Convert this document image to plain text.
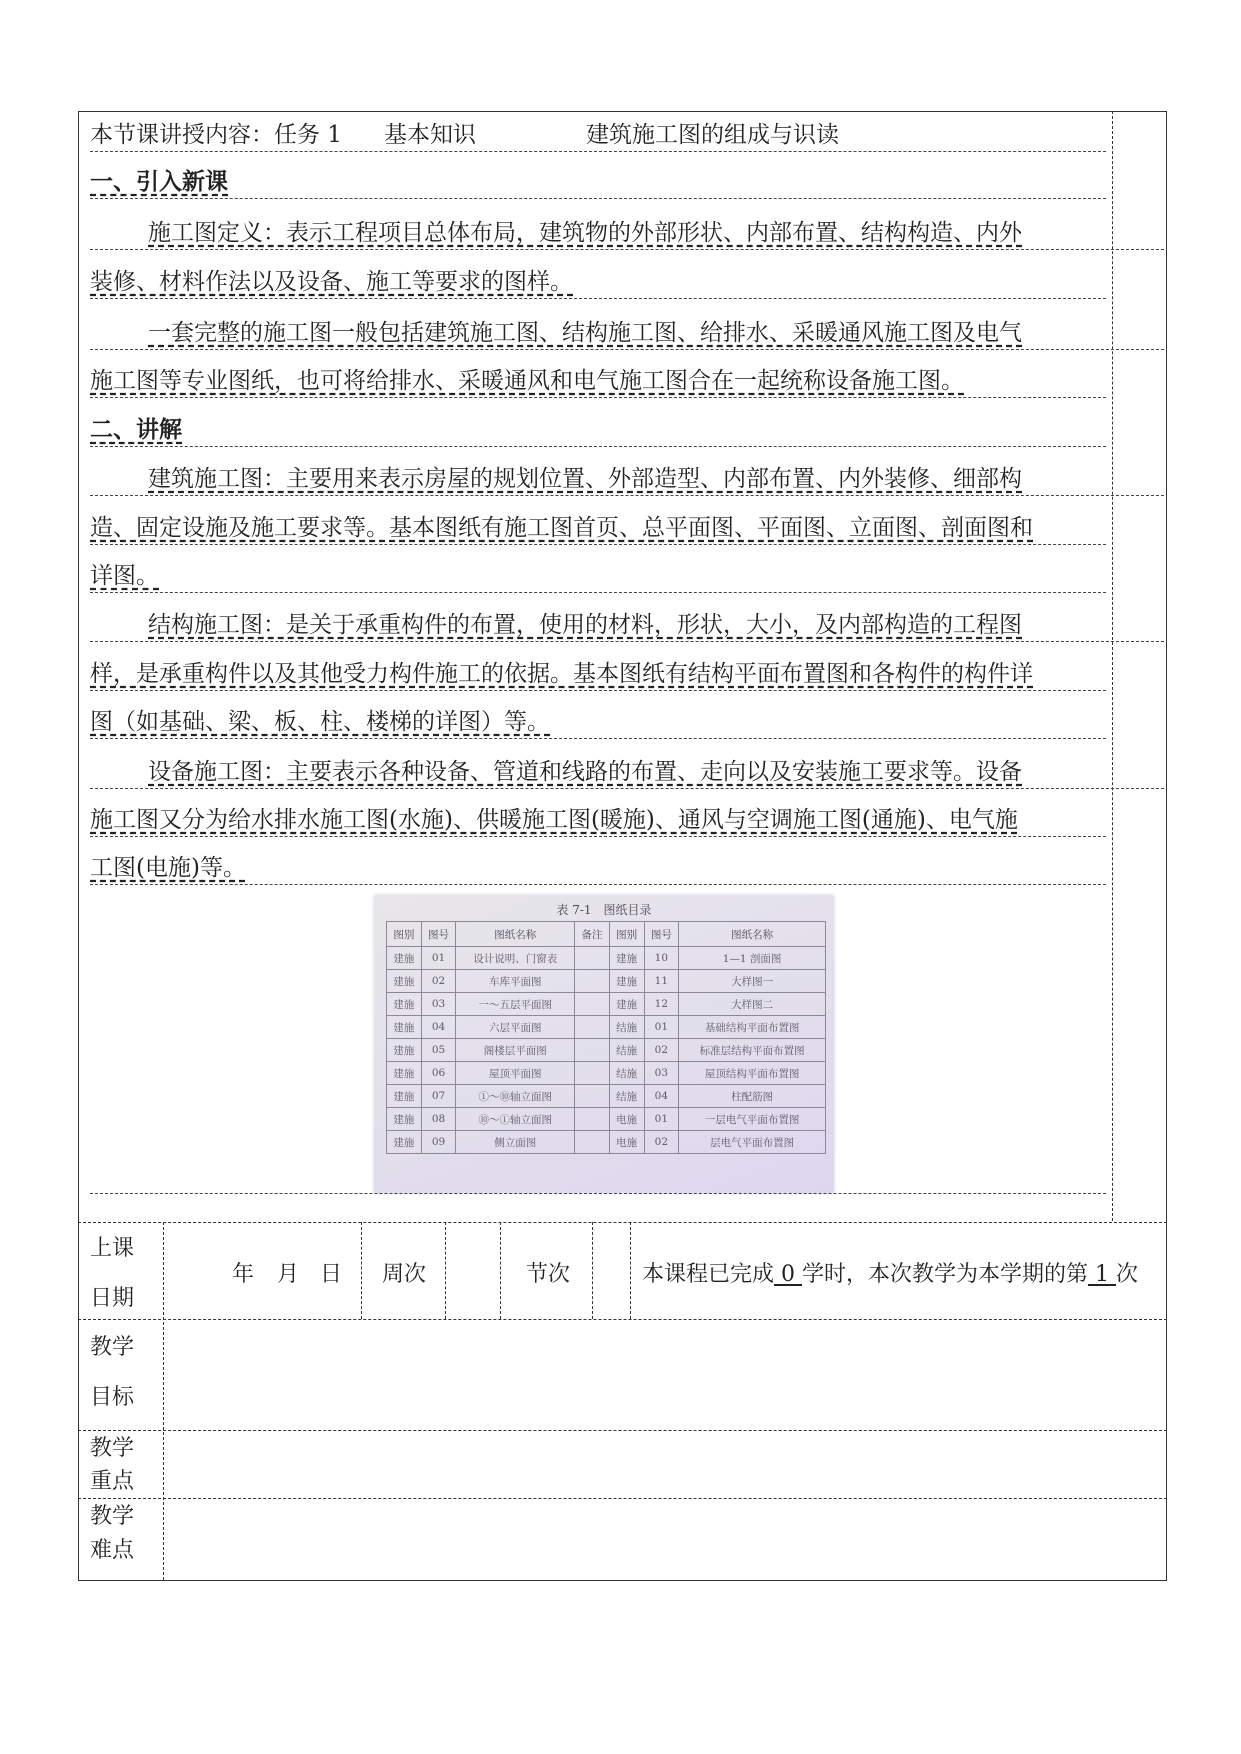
本节课讲授内容：任务 1 基本知识	建筑施工图的组成与识读
一、引入新课
施工图定义：表示工程项目总体布局，建筑物的外部形状、内部布置、结构构造、内外
装修、材料作法以及设备、施工等要求的图样。
一套完整的施工图一般包括建筑施工图、结构施工图、给排水、采暖通风施工图及电气
施工图等专业图纸，也可将给排水、采暖通风和电气施工图合在一起统称设备施工图。
二、讲解
建筑施工图：主要用来表示房屋的规划位置、外部造型、内部布置、内外装修、细部构
造、固定设施及施工要求等。基本图纸有施工图首页、总平面图、平面图、立面图、剖面图和
详图。
结构施工图：是关于承重构件的布置，使用的材料，形状，大小，及内部构造的工程图
样，是承重构件以及其他受力构件施工的依据。基本图纸有结构平面布置图和各构件的构件详
图（如基础、梁、板、柱、楼梯的详图）等。
设备施工图：主要表示各种设备、管道和线路的布置、走向以及安装施工要求等。设备
施工图又分为给水排水施工图(水施)、供暖施工图(暖施)、通风与空调施工图(通施)、电气施
工图(电施)等。
表 7-1　图纸目录
图别	图号	图纸名称	备注	图别	图号	图纸名称
建施	01	设计说明、门窗表		建施	10	1—1 剖面图
建施	02	车库平面图		建施	11	大样图一
建施	03	一～五层平面图		建施	12	大样图二
建施	04	六层平面图		结施	01	基础结构平面布置图
建施	05	阁楼层平面图		结施	02	标准层结构平面布置图
建施	06	屋顶平面图		结施	03	屋顶结构平面布置图
建施	07	①～⑩轴立面图		结施	04	柱配筋图
建施	08	⑩～①轴立面图		电施	01	一层电气平面布置图
建施	09	侧立面图		电施	02	层电气平面布置图
上课
日期
年 月 日 周次	节次	本课程已完成 0 学时，本次教学为本学期的第 1 次
教学
目标
教学
重点
教学
难点
